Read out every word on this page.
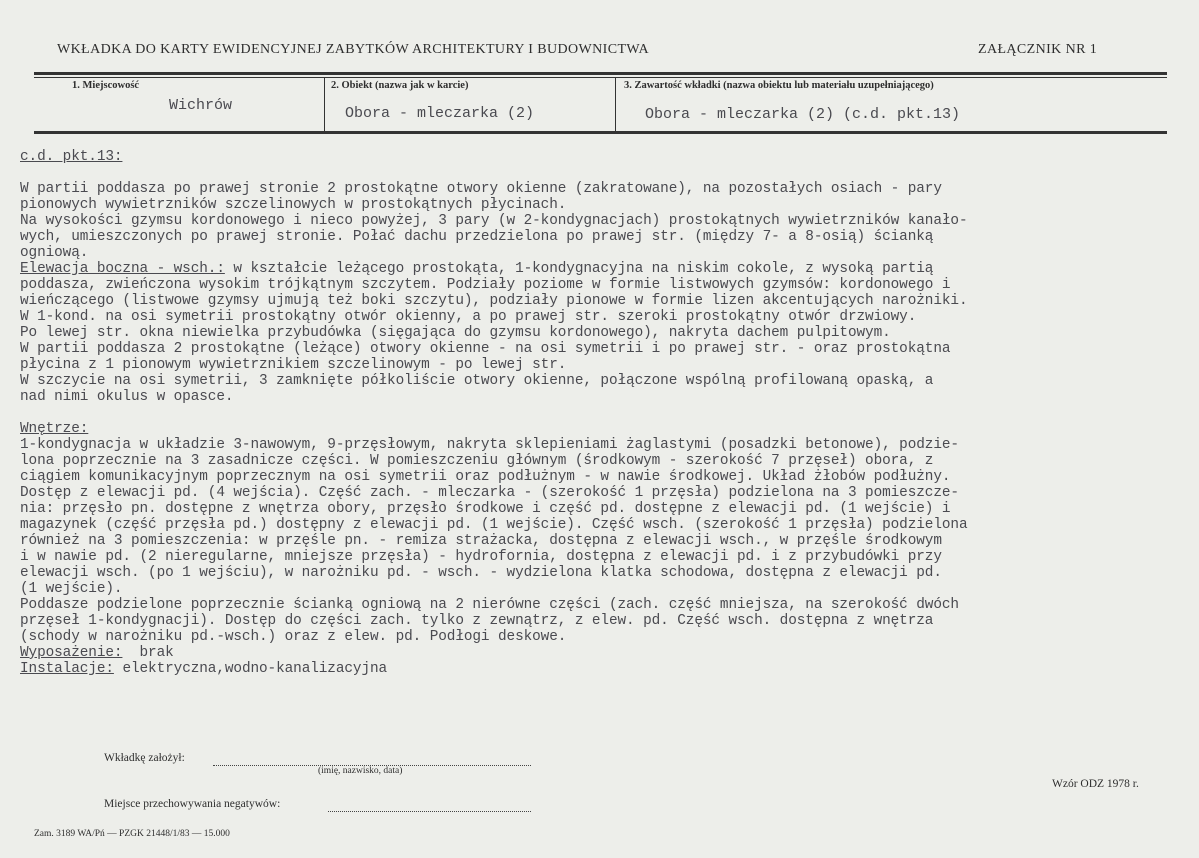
WKŁADKA DO KARTY EWIDENCYJNEJ ZABYTKÓW ARCHITEKTURY I BUDOWNICTWA	ZAŁĄCZNIK NR 1
1. Miejscowość
Wichrów
2. Obiekt (nazwa jak w karcie)
Obora - mleczarka (2)
3. Zawartość wkładki (nazwa obiektu lub materiału uzupełniającego)
Obora - mleczarka (2) (c.d. pkt.13)
c.d. pkt.13:
W partii poddasza po prawej stronie 2 prostokątne otwory okienne (zakratowane), na pozostałych osiach - pary
pionowych wywietrzników szczelinowych w prostokątnych płycinach.
Na wysokości gzymsu kordonowego i nieco powyżej, 3 pary (w 2-kondygnacjach) prostokątnych wywietrzników kanało-
wych, umieszczonych po prawej stronie. Połać dachu przedzielona po prawej str. (między 7- a 8-osią) ścianką
ogniową.
Elewacja boczna - wsch.: w kształcie leżącego prostokąta, 1-kondygnacyjna na niskim cokole, z wysoką partią
poddasza, zwieńczona wysokim trójkątnym szczytem. Podziały poziome w formie listwowych gzymsów: kordonowego i
wieńczącego (listwowe gzymsy ujmują też boki szczytu), podziały pionowe w formie lizen akcentujących narożniki.
W 1-kond. na osi symetrii prostokątny otwór okienny, a po prawej str. szeroki prostokątny otwór drzwiowy.
Po lewej str. okna niewielka przybudówka (sięgająca do gzymsu kordonowego), nakryta dachem pulpitowym.
W partii poddasza 2 prostokątne (leżące) otwory okienne - na osi symetrii i po prawej str. - oraz prostokątna
płycina z 1 pionowym wywietrznikiem szczelinowym - po lewej str.
W szczycie na osi symetrii, 3 zamknięte półkoliście otwory okienne, połączone wspólną profilowaną opaską, a
nad nimi okulus w opasce.
Wnętrze:
1-kondygnacja w układzie 3-nawowym, 9-przęsłowym, nakryta sklepieniami żaglastymi (posadzki betonowe), podzie-
lona poprzecznie na 3 zasadnicze części. W pomieszczeniu głównym (środkowym - szerokość 7 przęseł) obora, z
ciągiem komunikacyjnym poprzecznym na osi symetrii oraz podłużnym - w nawie środkowej. Układ żłobów podłużny.
Dostęp z elewacji pd. (4 wejścia). Część zach. - mleczarka - (szerokość 1 przęsła) podzielona na 3 pomieszcze-
nia: przęsło pn. dostępne z wnętrza obory, przęsło środkowe i część pd. dostępne z elewacji pd. (1 wejście) i
magazynek (część przęsła pd.) dostępny z elewacji pd. (1 wejście). Część wsch. (szerokość 1 przęsła) podzielona
również na 3 pomieszczenia: w przęśle pn. - remiza strażacka, dostępna z elewacji wsch., w przęśle środkowym
i w nawie pd. (2 nieregularne, mniejsze przęsła) - hydrofornia, dostępna z elewacji pd. i z przybudówki przy
elewacji wsch. (po 1 wejściu), w narożniku pd. - wsch. - wydzielona klatka schodowa, dostępna z elewacji pd.
(1 wejście).
Poddasze podzielone poprzecznie ścianką ogniową na 2 nierówne części (zach. część mniejsza, na szerokość dwóch
przęseł 1-kondygnacji). Dostęp do części zach. tylko z zewnątrz, z elew. pd. Część wsch. dostępna z wnętrza
(schody w narożniku pd.-wsch.) oraz z elew. pd. Podłogi deskowe.
Wyposażenie:  brak
Instalacje: elektryczna,wodno-kanalizacyjna
Wkładkę założył:
(imię, nazwisko, data)
Wzór ODZ 1978 r.
Miejsce przechowywania negatywów:
Zam. 3189 WA/Pń — PZGK 21448/1/83 — 15.000
